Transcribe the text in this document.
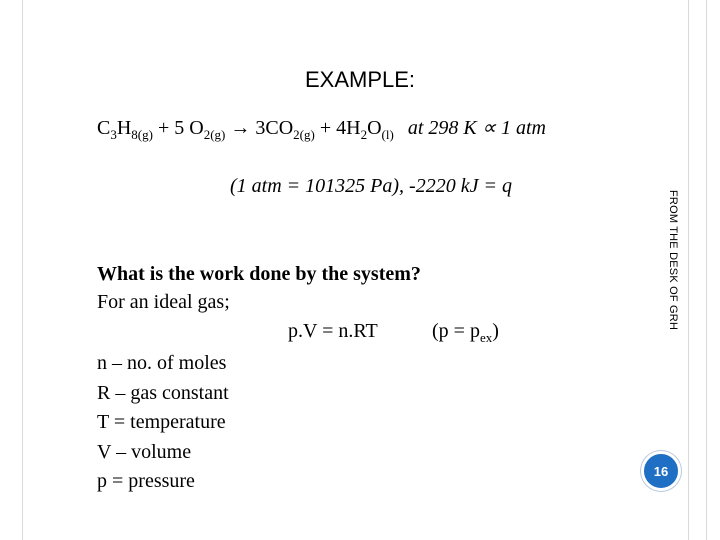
EXAMPLE:
$C_3H_{8(g)} + 5$ $O_{2(g)} \to 3CO_{2(g)} + 4H_2O_{(l)}$ at 298 K ∝ 1 atm
(1 atm = 101325 Pa), -2220 kJ = q
FROM THE DESK OF GRH
What is the work done by the system?
For an ideal gas;
p.V = n.RT	$(p = p_{ex})$
n – no. of moles
R – gas constant
T = temperature
V – volume
p = pressure	16
